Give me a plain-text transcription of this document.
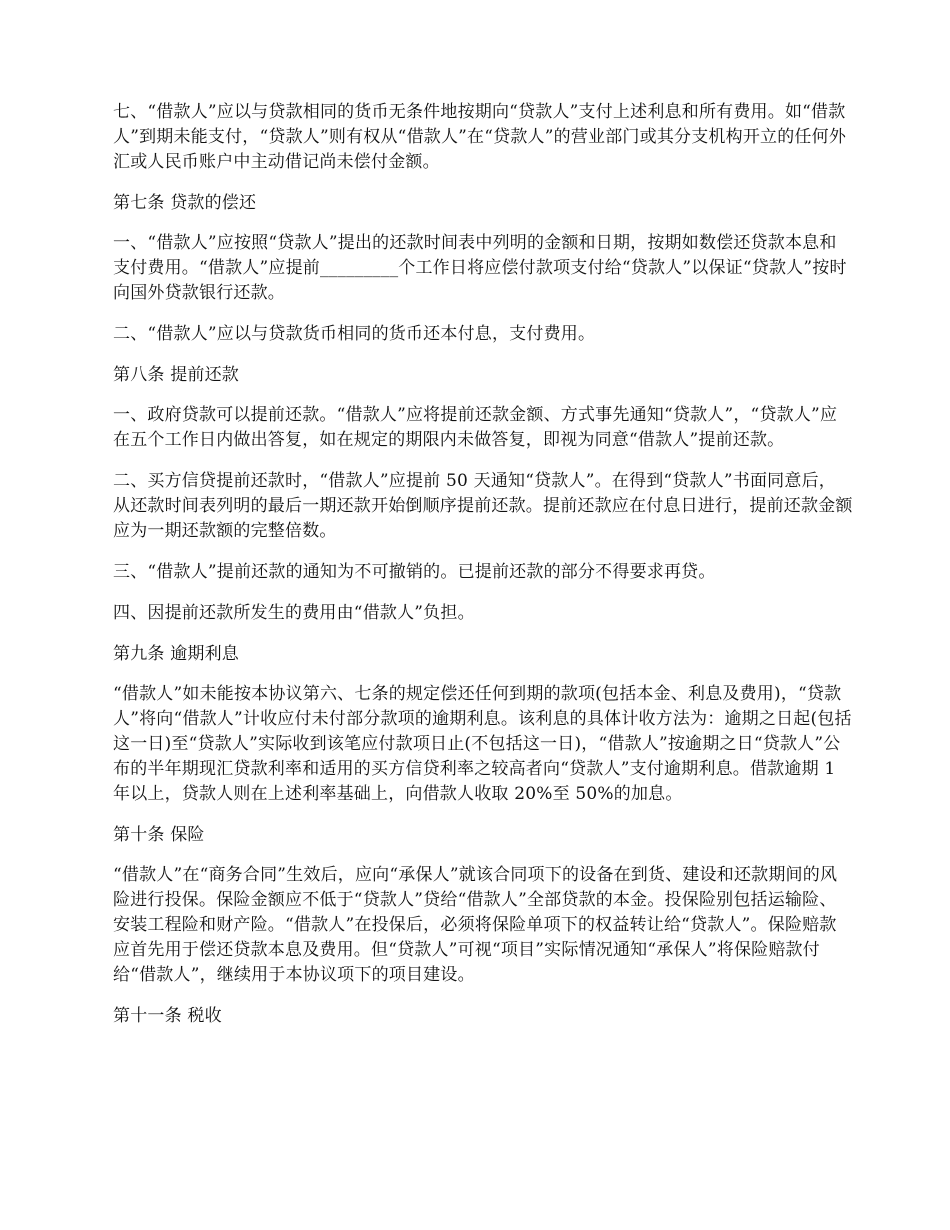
七、“借款人”应以与贷款相同的货币无条件地按期向“贷款人”支付上述利息和所有费用。如“借款人”到期未能支付，“贷款人”则有权从“借款人”在“贷款人”的营业部门或其分支机构开立的任何外汇或人民币账户中主动借记尚未偿付金额。

第七条 贷款的偿还

一、“借款人”应按照“贷款人”提出的还款时间表中列明的金额和日期，按期如数偿还贷款本息和支付费用。“借款人”应提前_________个工作日将应偿付款项支付给“贷款人”以保证“贷款人”按时向国外贷款银行还款。

二、“借款人”应以与贷款货币相同的货币还本付息，支付费用。

第八条 提前还款

一、政府贷款可以提前还款。“借款人”应将提前还款金额、方式事先通知“贷款人”，“贷款人”应在五个工作日内做出答复，如在规定的期限内未做答复，即视为同意“借款人”提前还款。

二、买方信贷提前还款时，“借款人”应提前 50 天通知“贷款人”。在得到“贷款人”书面同意后，从还款时间表列明的最后一期还款开始倒顺序提前还款。提前还款应在付息日进行，提前还款金额应为一期还款额的完整倍数。

三、“借款人”提前还款的通知为不可撤销的。已提前还款的部分不得要求再贷。

四、因提前还款所发生的费用由“借款人”负担。

第九条 逾期利息

“借款人”如未能按本协议第六、七条的规定偿还任何到期的款项(包括本金、利息及费用)，“贷款人”将向“借款人”计收应付未付部分款项的逾期利息。该利息的具体计收方法为：逾期之日起(包括这一日)至“贷款人”实际收到该笔应付款项日止(不包括这一日)，“借款人”按逾期之日“贷款人”公布的半年期现汇贷款利率和适用的买方信贷利率之较高者向“贷款人”支付逾期利息。借款逾期 1 年以上，贷款人则在上述利率基础上，向借款人收取 20%至 50%的加息。

第十条 保险

“借款人”在“商务合同”生效后，应向“承保人”就该合同项下的设备在到货、建设和还款期间的风险进行投保。保险金额应不低于“贷款人”贷给“借款人”全部贷款的本金。投保险别包括运输险、安装工程险和财产险。“借款人”在投保后，必须将保险单项下的权益转让给“贷款人”。保险赔款应首先用于偿还贷款本息及费用。但“贷款人”可视“项目”实际情况通知“承保人”将保险赔款付给“借款人”，继续用于本协议项下的项目建设。

第十一条 税收
